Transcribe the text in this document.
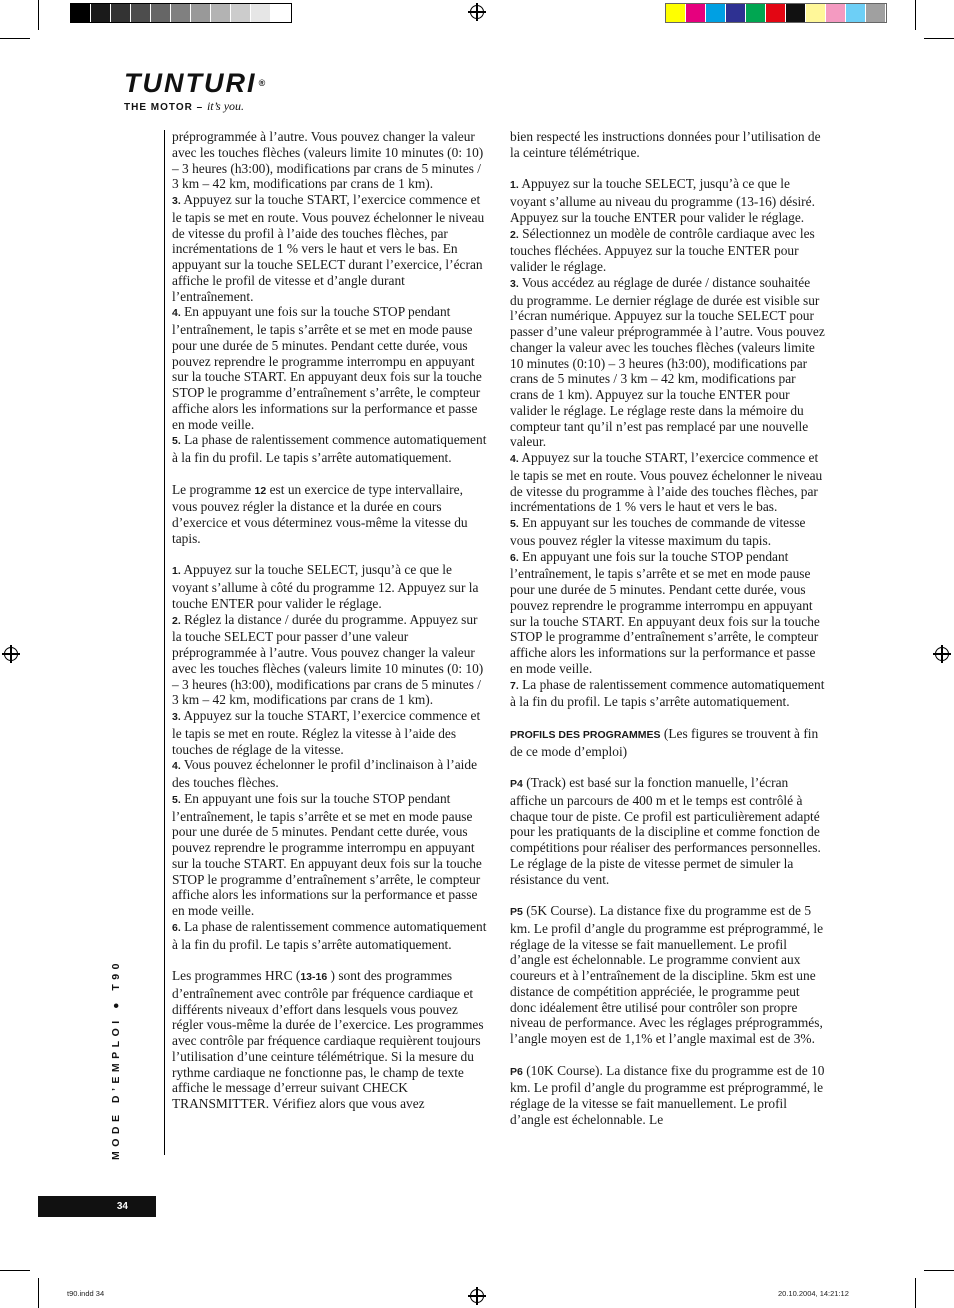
TUNTURI ®
THE MOTOR – it’s you.

préprogrammée à l’autre. Vous pouvez changer la valeur avec les touches flèches (valeurs limite 10 minutes (0: 10) – 3 heures (h3:00), modifications par crans de 5 minutes / 3 km – 42 km, modifications par crans de 1 km).

3. Appuyez sur la touche START, l’exercice commence et le tapis se met en route. Vous pouvez échelonner le niveau de vitesse du profil à l’aide des touches flèches, par incrémentations de 1 % vers le haut et vers le bas. En appuyant sur la touche SELECT durant l’exercice, l’écran affiche le profil de vitesse et d’angle durant l’entraînement.

4. En appuyant une fois sur la touche STOP pendant l’entraînement, le tapis s’arrête et se met en mode pause pour une durée de 5 minutes. Pendant cette durée, vous pouvez reprendre le programme interrompu en appuyant sur la touche START. En appuyant deux fois sur la touche STOP le programme d’entraînement s’arrête, le compteur affiche alors les informations sur la performance et passe en mode veille.

5. La phase de ralentissement commence automatiquement à la fin du profil. Le tapis s’arrête automatiquement.

Le programme 12 est un exercice de type intervallaire, vous pouvez régler la distance et la durée en cours d’exercice et vous déterminez vous-même la vitesse du tapis.

1. Appuyez sur la touche SELECT, jusqu’à ce que le voyant s’allume à côté du programme 12. Appuyez sur la touche ENTER pour valider le réglage.

2. Réglez la distance / durée du programme. Appuyez sur la touche SELECT pour passer d’une valeur préprogrammée à l’autre. Vous pouvez changer la valeur avec les touches flèches (valeurs limite 10 minutes (0: 10) – 3 heures (h3:00), modifications par crans de 5 minutes / 3 km – 42 km, modifications par crans de 1 km).

3. Appuyez sur la touche START, l’exercice commence et le tapis se met en route. Réglez la vitesse à l’aide des touches de réglage de la vitesse.

4. Vous pouvez échelonner le profil d’inclinaison à l’aide des touches flèches.

5. En appuyant une fois sur la touche STOP pendant l’entraînement, le tapis s’arrête et se met en mode pause pour une durée de 5 minutes. Pendant cette durée, vous pouvez reprendre le programme interrompu en appuyant sur la touche START. En appuyant deux fois sur la touche STOP le programme d’entraînement s’arrête, le compteur affiche alors les informations sur la performance et passe en mode veille.

6. La phase de ralentissement commence automatiquement à la fin du profil. Le tapis s’arrête automatiquement.

Les programmes HRC (13-16 ) sont des programmes d’entraînement avec contrôle par fréquence cardiaque et différents niveaux d’effort dans lesquels vous pouvez régler vous-même la durée de l’exercice. Les programmes avec contrôle par fréquence cardiaque requièrent toujours l’utilisation d’une ceinture télémétrique. Si la mesure du rythme cardiaque ne fonctionne pas, le champ de texte affiche le message d’erreur suivant CHECK TRANSMITTER. Vérifiez alors que vous avez

bien respecté les instructions données pour l’utilisation de la ceinture télémétrique.

1. Appuyez sur la touche SELECT, jusqu’à ce que le voyant s’allume au niveau du programme (13-16) désiré. Appuyez sur la touche ENTER pour valider le réglage.

2. Sélectionnez un modèle de contrôle cardiaque avec les touches fléchées. Appuyez sur la touche ENTER pour valider le réglage.

3. Vous accédez au réglage de durée / distance souhaitée du programme. Le dernier réglage de durée est visible sur l’écran numérique. Appuyez sur la touche SELECT pour passer d’une valeur préprogrammée à l’autre. Vous pouvez changer la valeur avec les touches flèches (valeurs limite 10 minutes (0:10) – 3 heures (h3:00), modifications par crans de 5 minutes / 3 km – 42 km, modifications par crans de 1 km). Appuyez sur la touche ENTER pour valider le réglage. Le réglage reste dans la mémoire du compteur tant qu’il n’est pas remplacé par une nouvelle valeur.

4. Appuyez sur la touche START, l’exercice commence et le tapis se met en route. Vous pouvez échelonner le niveau de vitesse du programme à l’aide des touches flèches, par incrémentations de 1 % vers le haut et vers le bas.

5. En appuyant sur les touches de commande de vitesse vous pouvez régler la vitesse maximum du tapis.

6. En appuyant une fois sur la touche STOP pendant l’entraînement, le tapis s’arrête et se met en mode pause pour une durée de 5 minutes. Pendant cette durée, vous pouvez reprendre le programme interrompu en appuyant sur la touche START. En appuyant deux fois sur la touche STOP le programme d’entraînement s’arrête, le compteur affiche alors les informations sur la performance et passe en mode veille.

7. La phase de ralentissement commence automatiquement à la fin du profil. Le tapis s’arrête automatiquement.

PROFILS DES PROGRAMMES (Les figures se trouvent à fin de ce mode d’emploi)

P4 (Track) est basé sur la fonction manuelle, l’écran affiche un parcours de 400 m et le temps est contrôlé à chaque tour de piste. Ce profil est particulièrement adapté pour les pratiquants de la discipline et comme fonction de compétitions pour réaliser des performances personnelles. Le réglage de la piste de vitesse permet de simuler la résistance du vent.

P5 (5K Course). La distance fixe du programme est de 5 km. Le profil d’angle du programme est préprogrammé, le réglage de la vitesse se fait manuellement. Le profil d’angle est échelonnable. Le programme convient aux coureurs et à l’entraînement de la discipline. 5km est une distance de compétition appréciée, le programme peut donc idéalement être utilisé pour contrôler son propre niveau de performance. Avec les réglages préprogrammés, l’angle moyen est de 1,1% et l’angle maximal est de 3%.

P6 (10K Course). La distance fixe du programme est de 10 km. Le profil d’angle du programme est préprogrammé, le réglage de la vitesse se fait manuellement. Le profil d’angle est échelonnable. Le

MODE D’EMPLOI ● T90
34
t90.indd 34	20.10.2004, 14:21:12
